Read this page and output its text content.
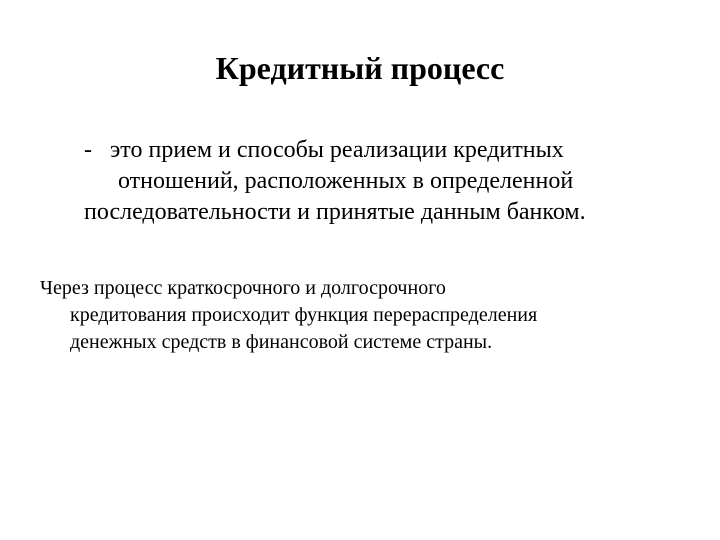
Кредитный процесс
- это прием и способы реализации кредитных
отношений, расположенных в определенной
последовательности и принятые данным банком.
Через процесс краткосрочного и долгосрочного
кредитования происходит функция перераспределения
денежных средств в финансовой системе страны.
